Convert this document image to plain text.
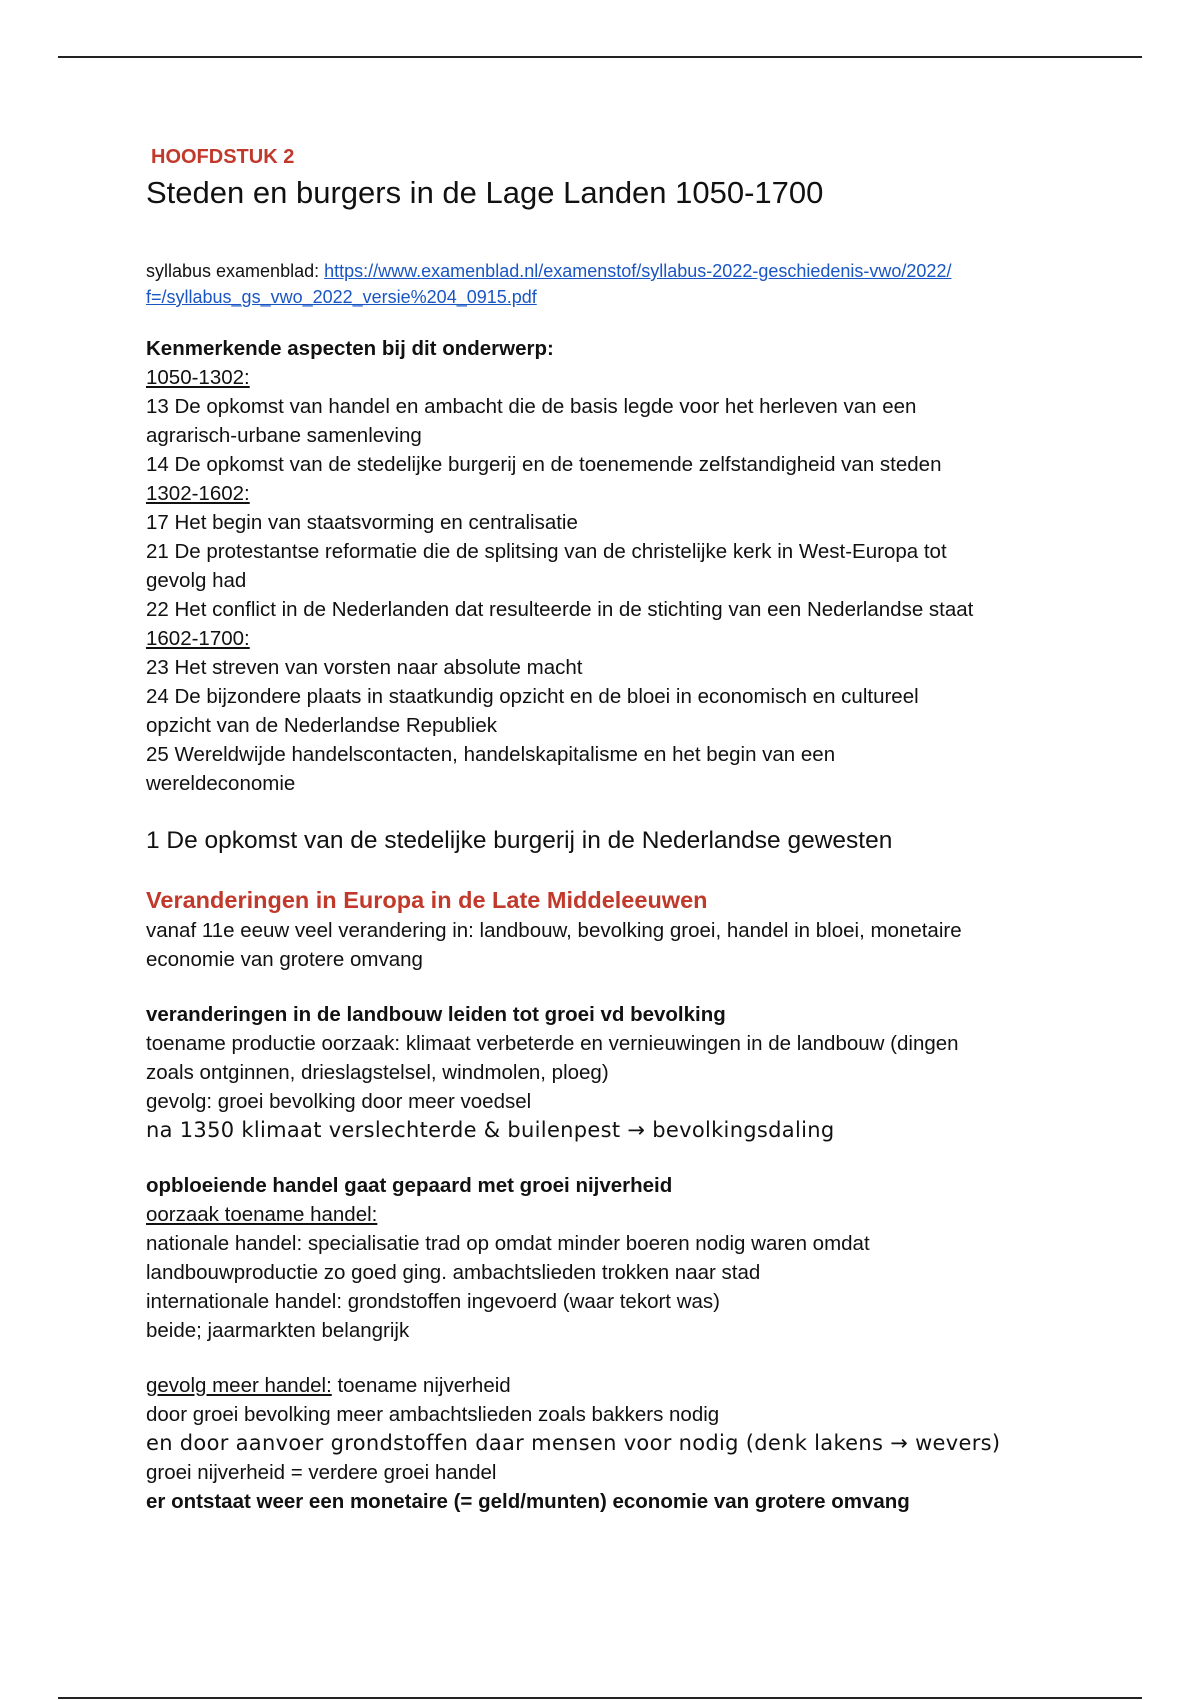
HOOFDSTUK 2
Steden en burgers in de Lage Landen 1050-1700
syllabus examenblad: https://www.examenblad.nl/examenstof/syllabus-2022-geschiedenis-vwo/2022/
f=/syllabus_gs_vwo_2022_versie%204_0915.pdf
Kenmerkende aspecten bij dit onderwerp:
1050-1302:
13 De opkomst van handel en ambacht die de basis legde voor het herleven van een
agrarisch-urbane samenleving
14 De opkomst van de stedelijke burgerij en de toenemende zelfstandigheid van steden
1302-1602:
17 Het begin van staatsvorming en centralisatie
21 De protestantse reformatie die de splitsing van de christelijke kerk in West-Europa tot
gevolg had
22 Het conflict in de Nederlanden dat resulteerde in de stichting van een Nederlandse staat
1602-1700:
23 Het streven van vorsten naar absolute macht
24 De bijzondere plaats in staatkundig opzicht en de bloei in economisch en cultureel
opzicht van de Nederlandse Republiek
25 Wereldwijde handelscontacten, handelskapitalisme en het begin van een
wereldeconomie
1 De opkomst van de stedelijke burgerij in de Nederlandse gewesten
Veranderingen in Europa in de Late Middeleeuwen
vanaf 11e eeuw veel verandering in: landbouw, bevolking groei, handel in bloei, monetaire
economie van grotere omvang
veranderingen in de landbouw leiden tot groei vd bevolking
toename productie oorzaak: klimaat verbeterde en vernieuwingen in de landbouw (dingen
zoals ontginnen, drieslagstelsel, windmolen, ploeg)
gevolg: groei bevolking door meer voedsel
na 1350 klimaat verslechterde & builenpest → bevolkingsdaling
opbloeiende handel gaat gepaard met groei nijverheid
oorzaak toename handel:
nationale handel: specialisatie trad op omdat minder boeren nodig waren omdat
landbouwproductie zo goed ging. ambachtslieden trokken naar stad
internationale handel: grondstoffen ingevoerd (waar tekort was)
beide; jaarmarkten belangrijk
gevolg meer handel: toename nijverheid
door groei bevolking meer ambachtslieden zoals bakkers nodig
en door aanvoer grondstoffen daar mensen voor nodig (denk lakens → wevers)
groei nijverheid = verdere groei handel
er ontstaat weer een monetaire (= geld/munten) economie van grotere omvang
